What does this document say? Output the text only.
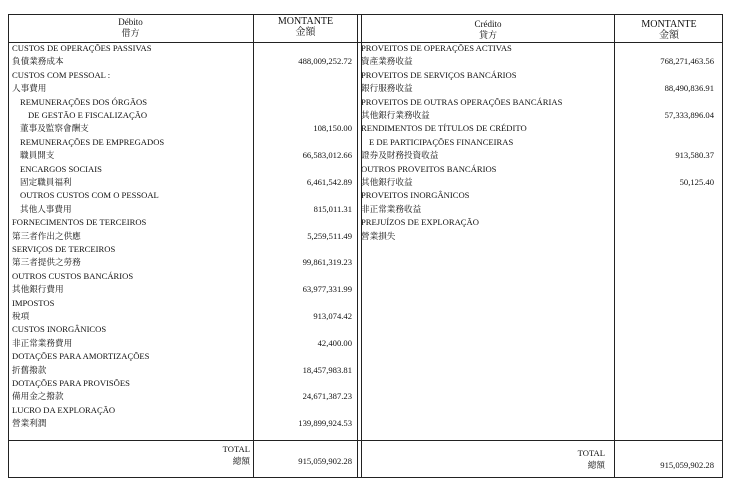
Débito
借方
MONTANTE
金額
Crédito
貸方
MONTANTE
金額
CUSTOS DE OPERAÇÕES PASSIVAS
負債業務成本	488,009,252.72
CUSTOS COM PESSOAL :
人事費用
REMUNERAÇÕES DOS ÓRGÃOS
DE GESTÃO E FISCALIZAÇÃO
董事及監察會酬支	108,150.00
REMUNERAÇÕES DE EMPREGADOS
職員開支	66,583,012.66
ENCARGOS SOCIAIS
固定職員福利	6,461,542.89
OUTROS CUSTOS COM O PESSOAL
其他人事費用	815,011.31
FORNECIMENTOS DE TERCEIROS
第三者作出之供應	5,259,511.49
SERVIÇOS DE TERCEIROS
第三者提供之勞務	99,861,319.23
OUTROS CUSTOS BANCÁRIOS
其他銀行費用	63,977,331.99
IMPOSTOS
稅項	913,074.42
CUSTOS INORGÂNICOS
非正常業務費用	42,400.00
DOTAÇÕES PARA AMORTIZAÇÕES
折舊撥款	18,457,983.81
DOTAÇÕES PARA PROVISÕES
備用金之撥款	24,671,387.23
LUCRO DA EXPLORAÇÃO
營業利潤	139,899,924.53
PROVEITOS DE OPERAÇÕES ACTIVAS
資產業務收益	768,271,463.56
PROVEITOS DE SERVIÇOS BANCÁRIOS
銀行服務收益	88,490,836.91
PROVEITOS DE OUTRAS OPERAÇÕES BANCÁRIAS
其他銀行業務收益	57,333,896.04
RENDIMENTOS DE TÍTULOS DE CRÉDITO
E DE PARTICIPAÇÕES FINANCEIRAS
證券及財務投資收益	913,580.37
OUTROS PROVEITOS BANCÁRIOS
其他銀行收益	50,125.40
PROVEITOS INORGÂNICOS
非正常業務收益
PREJUÍZOS DE EXPLORAÇÃO
營業損失
TOTAL
總額	915,059,902.28
TOTAL
總額	915,059,902.28
